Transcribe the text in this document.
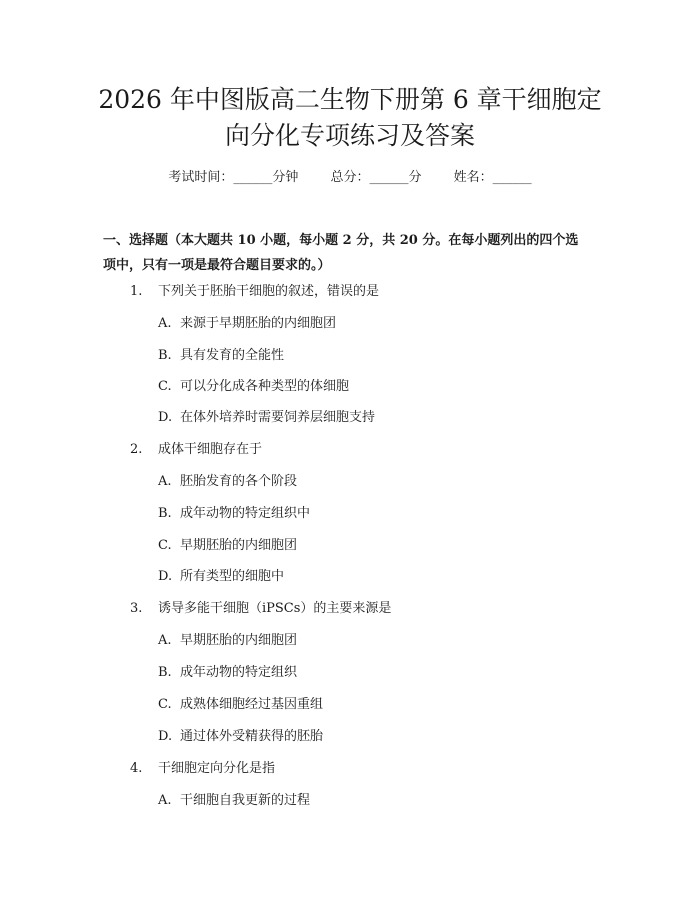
2026 年中图版高二生物下册第 6 章干细胞定
向分化专项练习及答案
考试时间：______分钟 总分：______分 姓名：______

一、选择题（本大题共 10 小题，每小题 2 分，共 20 分。在每小题列出的四个选

项中，只有一项是最符合题目要求的。）

1. 下列关于胚胎干细胞的叙述，错误的是
A. 来源于早期胚胎的内细胞团
B. 具有发育的全能性
C. 可以分化成各种类型的体细胞
D. 在体外培养时需要饲养层细胞支持
2. 成体干细胞存在于
A. 胚胎发育的各个阶段
B. 成年动物的特定组织中
C. 早期胚胎的内细胞团
D. 所有类型的细胞中
3. 诱导多能干细胞（iPSCs）的主要来源是
A. 早期胚胎的内细胞团
B. 成年动物的特定组织
C. 成熟体细胞经过基因重组
D. 通过体外受精获得的胚胎
4. 干细胞定向分化是指
A. 干细胞自我更新的过程
